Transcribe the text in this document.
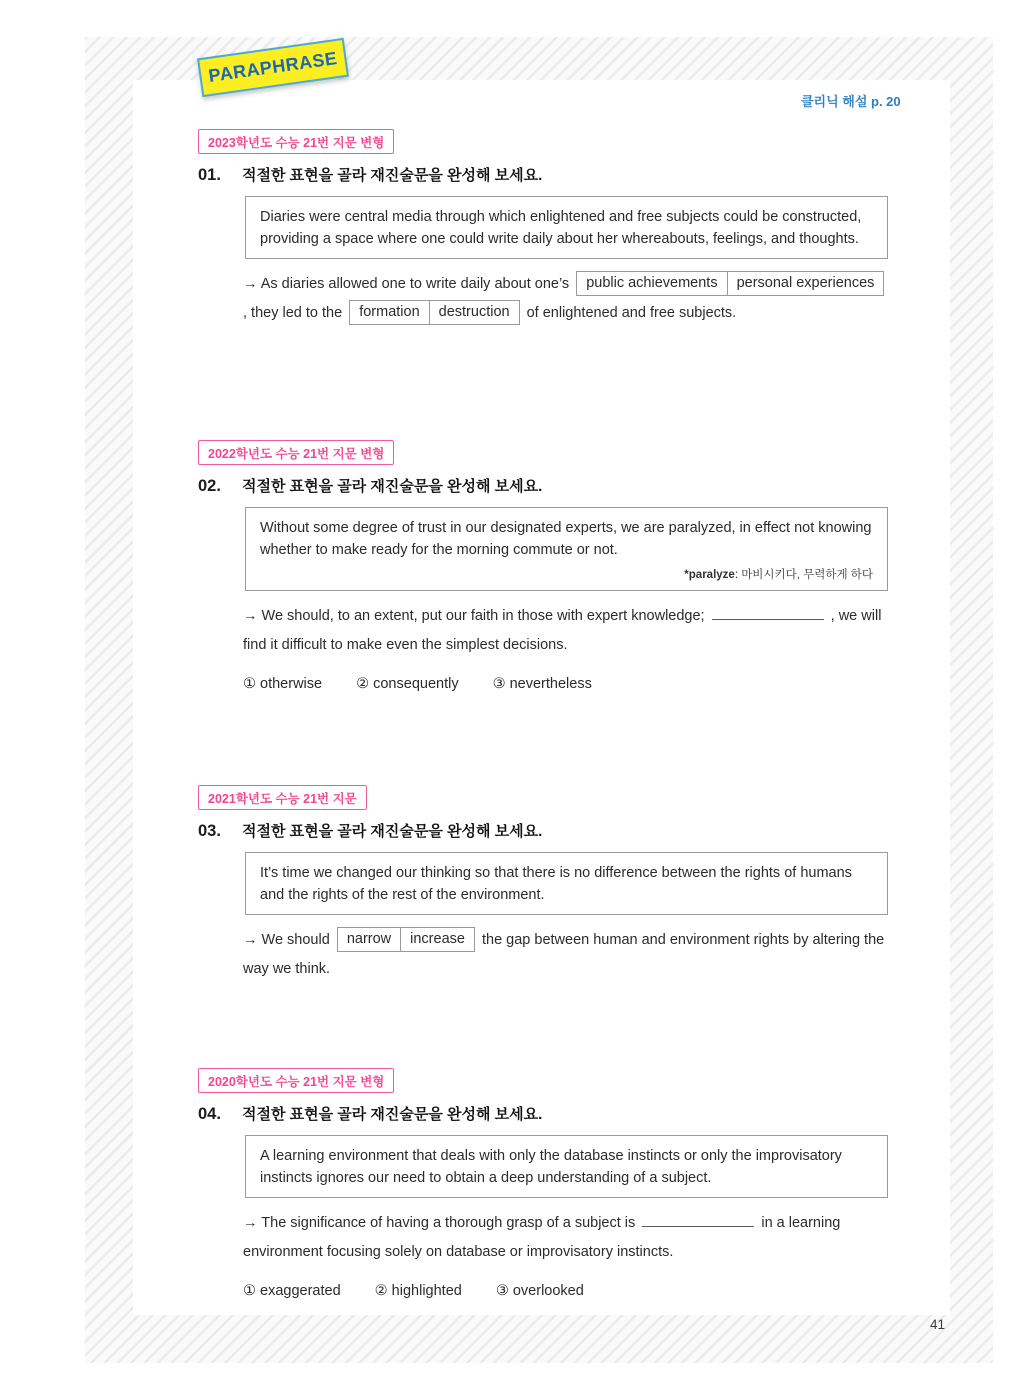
PARAPHRASE
클리닉 해설 p. 20
2023학년도 수능 21번 지문 변형
01. 적절한 표현을 골라 재진술문을 완성해 보세요.

Diaries were central media through which enlightened and free subjects could be constructed, providing a space where one could write daily about her whereabouts, feelings, and thoughts.

→ As diaries allowed one to write daily about one’s public achievements	personal experiences
, they led to the formation	destruction of enlightened and free subjects.

2022학년도 수능 21번 지문 변형
02. 적절한 표현을 골라 재진술문을 완성해 보세요.

Without some degree of trust in our designated experts, we are paralyzed, in effect not knowing whether to make ready for the morning commute or not.

*paralyze: 마비시키다, 무력하게 하다

→ We should, to an extent, put our faith in those with expert knowledge;	, we will find it difficult to make even the simplest decisions.

① otherwise ② consequently ③ nevertheless

2021학년도 수능 21번 지문
03. 적절한 표현을 골라 재진술문을 완성해 보세요.

It’s time we changed our thinking so that there is no difference between the rights of humans and the rights of the rest of the environment.

→ We should narrow	increase the gap between human and environment rights by altering the way we think.

2020학년도 수능 21번 지문 변형
04. 적절한 표현을 골라 재진술문을 완성해 보세요.

A learning environment that deals with only the database instincts or only the improvisatory instincts ignores our need to obtain a deep understanding of a subject.

→ The significance of having a thorough grasp of a subject is	in a learning environment focusing solely on database or improvisatory instincts.

① exaggerated ② highlighted ③ overlooked

41
